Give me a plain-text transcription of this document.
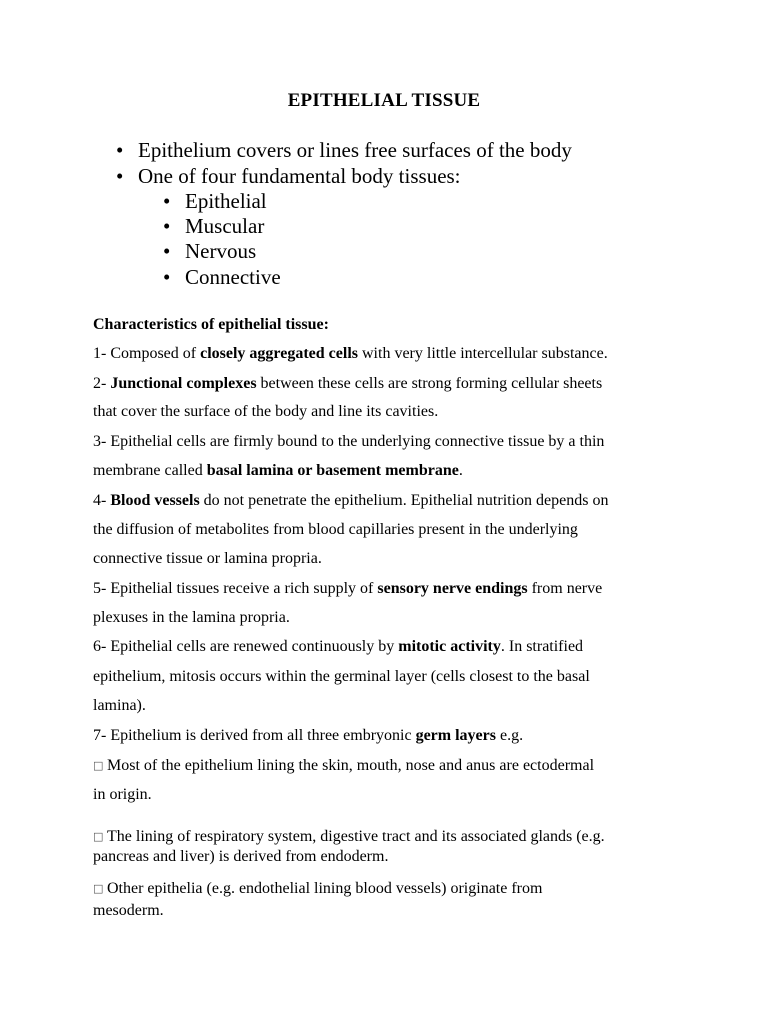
EPITHELIAL TISSUE
• Epithelium covers or lines free surfaces of the body
• One of four fundamental body tissues:
• Epithelial
• Muscular
• Nervous
• Connective
Characteristics of epithelial tissue:
1- Composed of closely aggregated cells with very little intercellular substance.
2- Junctional complexes between these cells are strong forming cellular sheets
that cover the surface of the body and line its cavities.
3- Epithelial cells are firmly bound to the underlying connective tissue by a thin
membrane called basal lamina or basement membrane.
4- Blood vessels do not penetrate the epithelium. Epithelial nutrition depends on
the diffusion of metabolites from blood capillaries present in the underlying
connective tissue or lamina propria.
5- Epithelial tissues receive a rich supply of sensory nerve endings from nerve
plexuses in the lamina propria.
6- Epithelial cells are renewed continuously by mitotic activity. In stratified
epithelium, mitosis occurs within the germinal layer (cells closest to the basal
lamina).
7- Epithelium is derived from all three embryonic germ layers e.g.
□ Most of the epithelium lining the skin, mouth, nose and anus are ectodermal
in origin.
□ The lining of respiratory system, digestive tract and its associated glands (e.g.
pancreas and liver) is derived from endoderm.
□ Other epithelia (e.g. endothelial lining blood vessels) originate from
mesoderm.
